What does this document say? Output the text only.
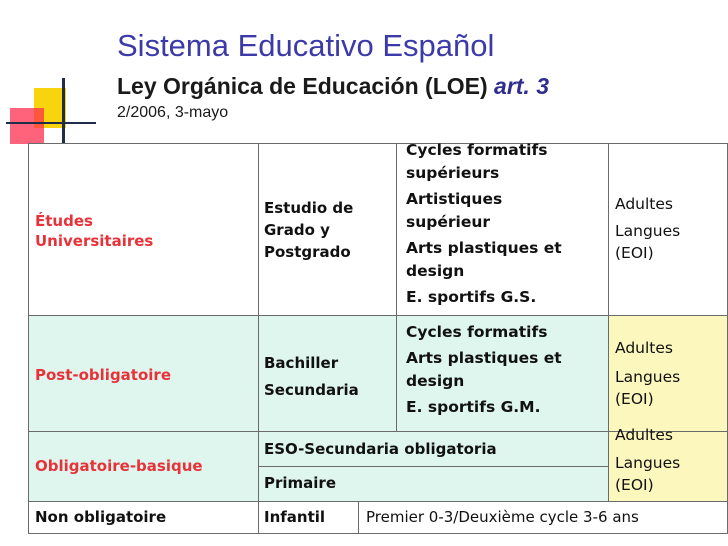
Sistema Educativo Español
Ley Orgánica de Educación (LOE) art. 3
2/2006, 3-mayo
Études
Universitaires
Estudio de
Grado y
Postgrado
Cycles formatifs
supérieurs
Artistiques
supérieur
Arts plastiques et
design
E. sportifs G.S.
Adultes
Langues
(EOI)
Post-obligatoire
Bachiller
Secundaria
Cycles formatifs
Arts plastiques et
design
E. sportifs G.M.
Adultes
Langues
(EOI)
Obligatoire-basique
ESO-Secundaria obligatoria
Primaire
Adultes
Langues
(EOI)
Non obligatoire	Infantil	Premier 0-3/Deuxième cycle 3-6 ans
